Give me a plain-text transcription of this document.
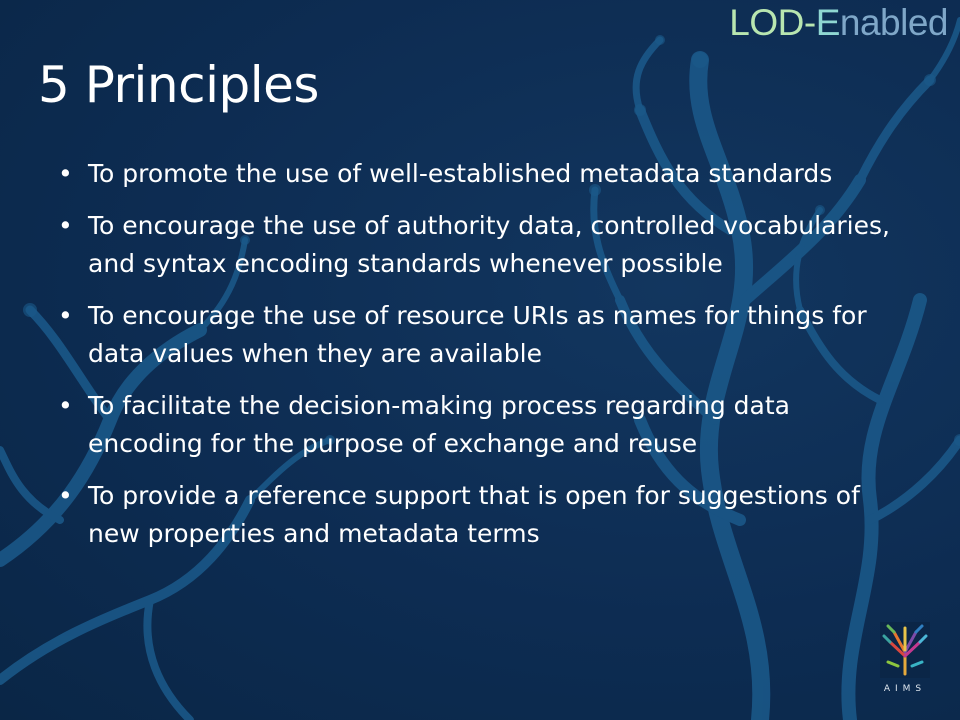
LOD-Enabled
5 Principles
• To promote the use of well-established metadata standards
• To encourage the use of authority data, controlled vocabularies, and syntax encoding standards whenever possible
• To encourage the use of resource URIs as names for things for data values when they are available
• To facilitate the decision-making process regarding data encoding for the purpose of exchange and reuse
• To provide a reference support that is open for suggestions of new properties and metadata terms
AIMS
